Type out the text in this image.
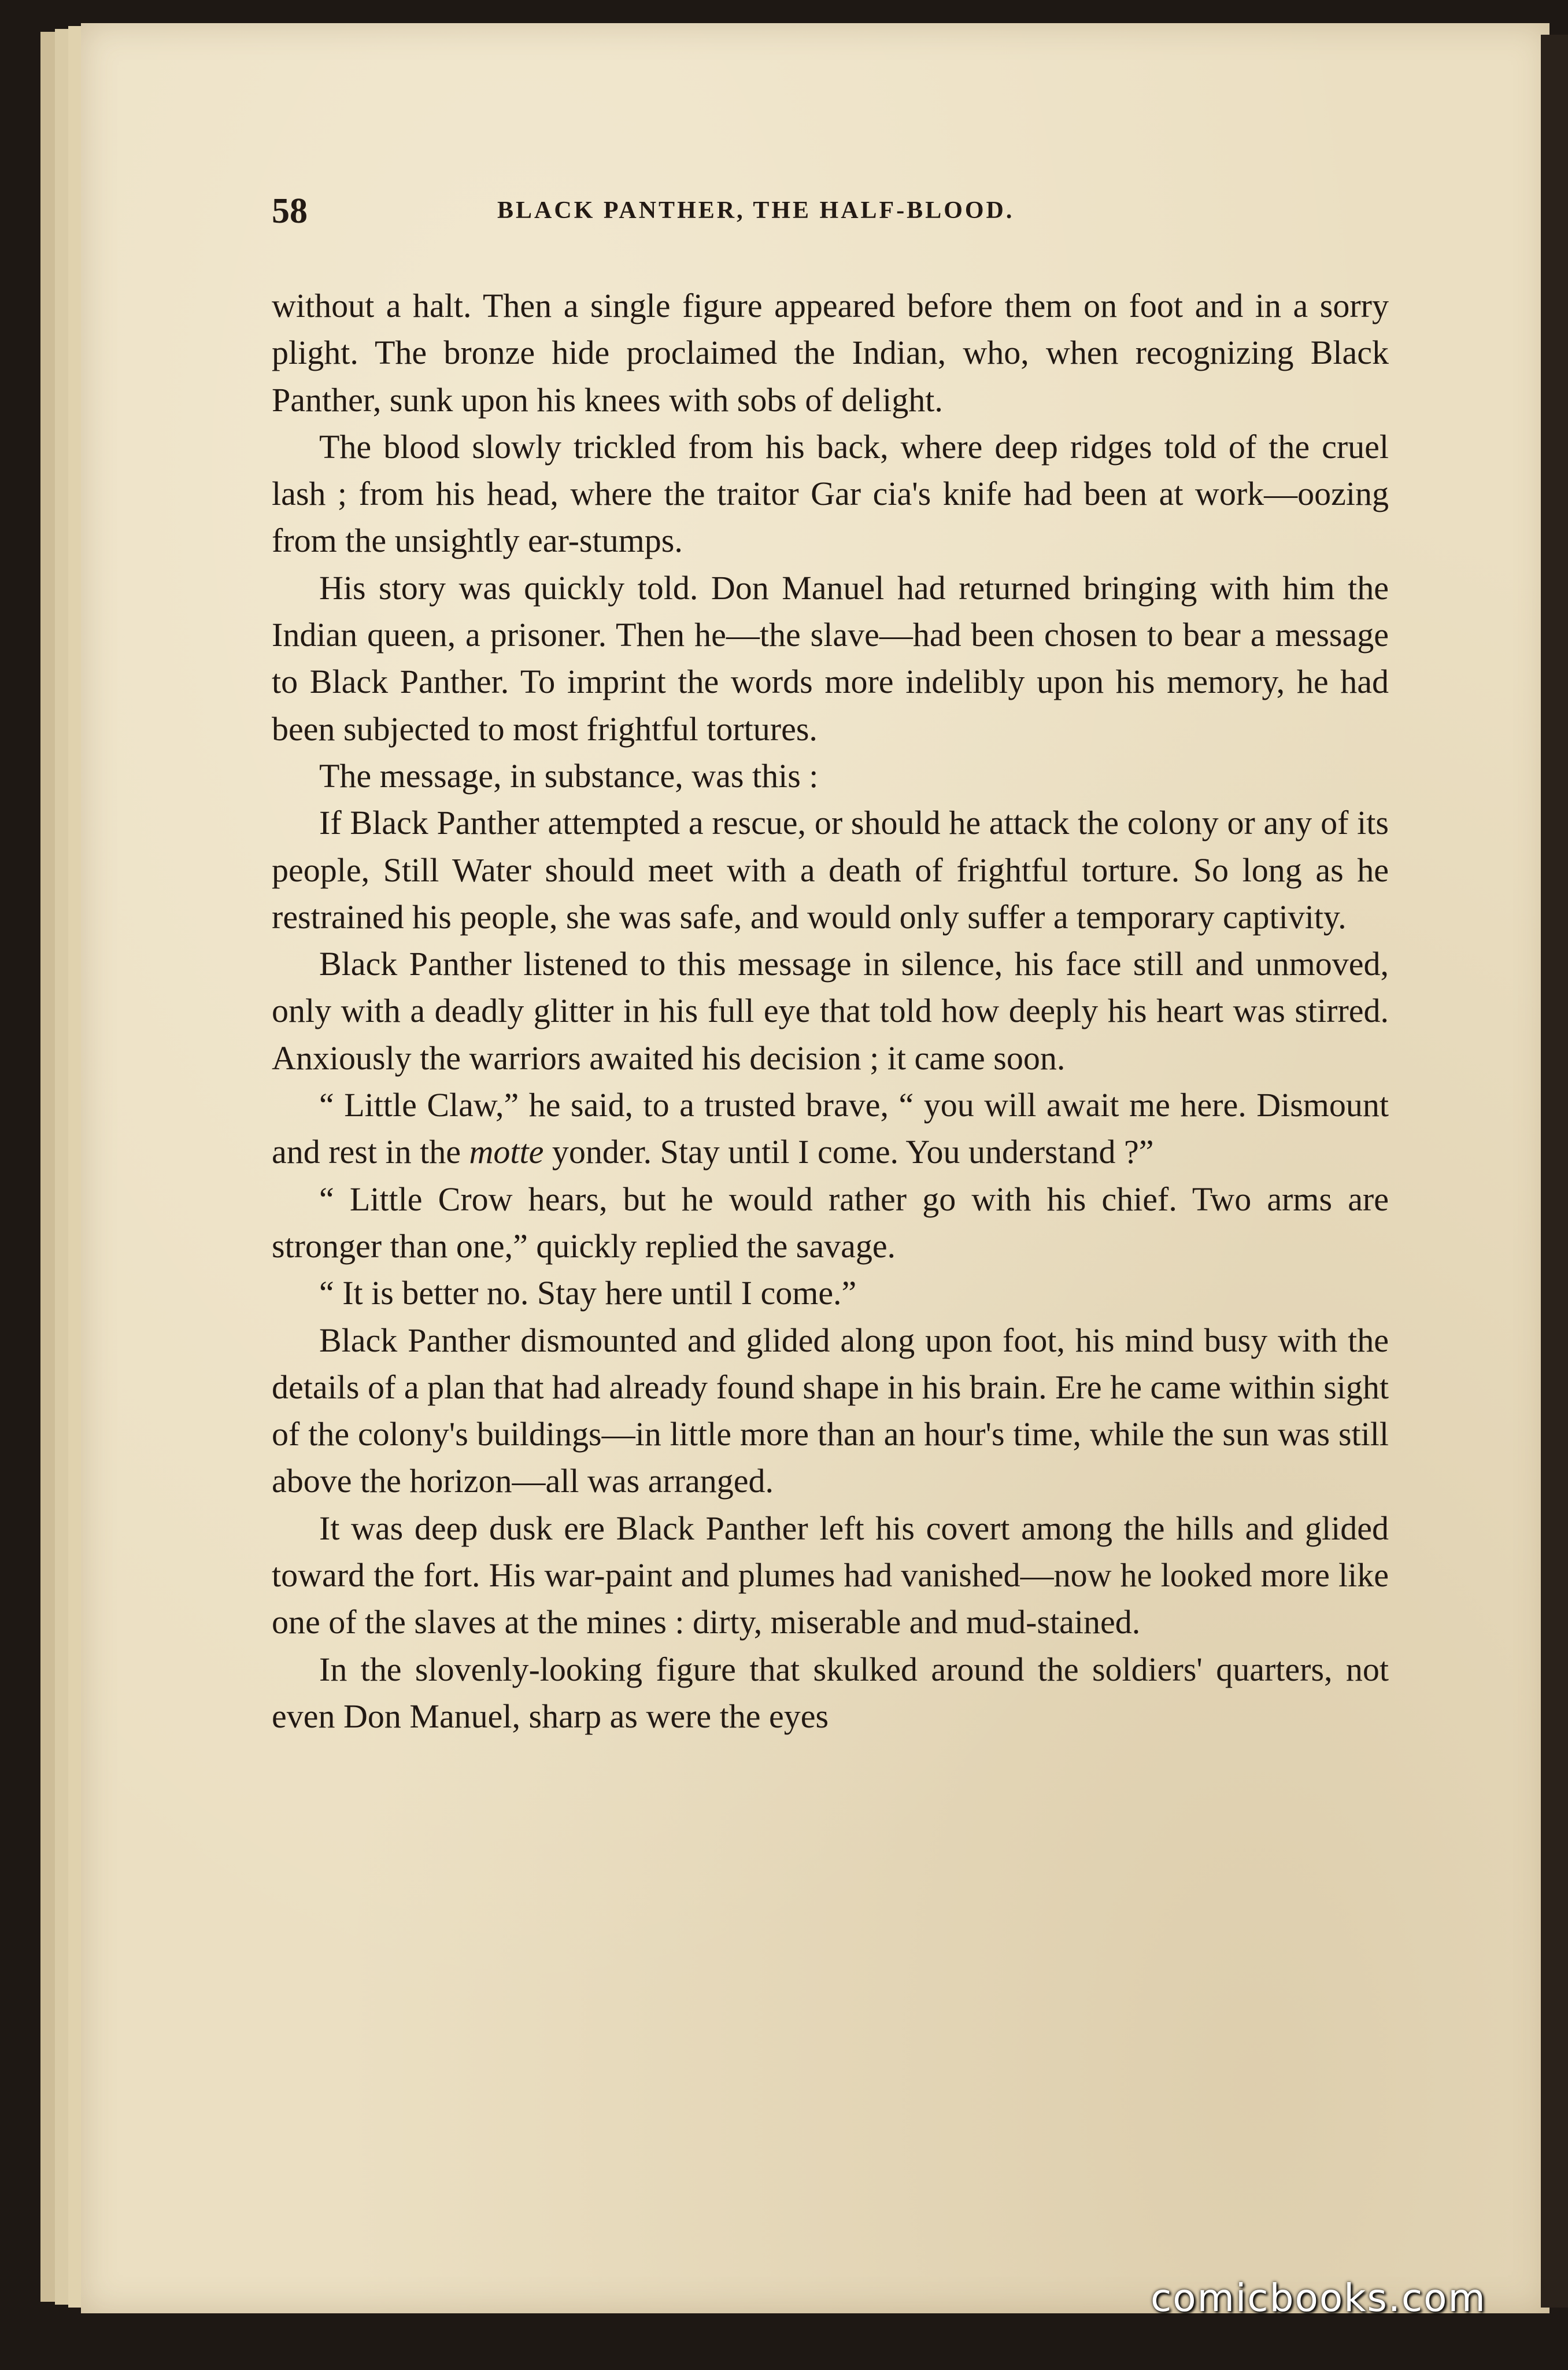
58	BLACK PANTHER, THE HALF-BLOOD.

without a halt. Then a single figure appeared before them on foot and in a sorry plight. The bronze hide proclaimed the Indian, who, when recognizing Black Panther, sunk upon his knees with sobs of delight.

The blood slowly trickled from his back, where deep ridges told of the cruel lash ; from his head, where the traitor Gar cia's knife had been at work—oozing from the unsightly ear-stumps.

His story was quickly told. Don Manuel had returned bringing with him the Indian queen, a prisoner. Then he—the slave—had been chosen to bear a message to Black Panther. To imprint the words more indelibly upon his memory, he had been subjected to most frightful tortures.

The message, in substance, was this :

If Black Panther attempted a rescue, or should he attack the colony or any of its people, Still Water should meet with a death of frightful torture. So long as he restrained his people, she was safe, and would only suffer a temporary captivity.

Black Panther listened to this message in silence, his face still and unmoved, only with a deadly glitter in his full eye that told how deeply his heart was stirred. Anxiously the warriors awaited his decision ; it came soon.

“ Little Claw,” he said, to a trusted brave, “ you will await me here. Dismount and rest in the motte yonder. Stay until I come. You understand ?”

“ Little Crow hears, but he would rather go with his chief. Two arms are stronger than one,” quickly replied the savage.

“ It is better no. Stay here until I come.”

Black Panther dismounted and glided along upon foot, his mind busy with the details of a plan that had already found shape in his brain. Ere he came within sight of the colony's buildings—in little more than an hour's time, while the sun was still above the horizon—all was arranged.

It was deep dusk ere Black Panther left his covert among the hills and glided toward the fort. His war-paint and plumes had vanished—now he looked more like one of the slaves at the mines : dirty, miserable and mud-stained.

In the slovenly-looking figure that skulked around the soldiers' quarters, not even Don Manuel, sharp as were the eyes

comicbooks.com
